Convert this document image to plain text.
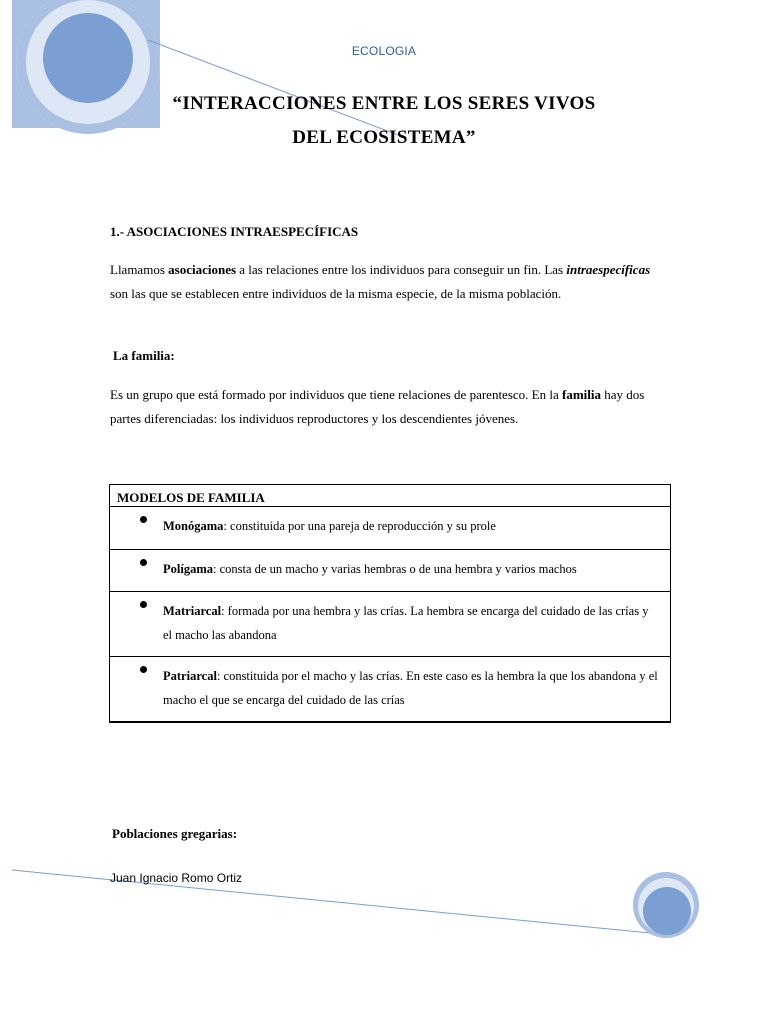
ECOLOGIA
“INTERACCIONES ENTRE LOS SERES VIVOS
DEL ECOSISTEMA”
1.- ASOCIACIONES INTRAESPECÍFICAS
Llamamos asociaciones a las relaciones entre los individuos para conseguir un fin. Las intraespecíficas son las que se establecen entre individuos de la misma especie, de la misma población.
La familia:
Es un grupo que está formado por individuos que tiene relaciones de parentesco. En la familia hay dos partes diferenciadas: los individuos reproductores y los descendientes jóvenes.
MODELOS DE FAMILIA
Monógama: constituida por una pareja de reproducción y su prole
Polígama: consta de un macho y varias hembras o de una hembra y varios machos
Matriarcal: formada por una hembra y las crías. La hembra se encarga del cuidado de las crías y el macho las abandona
Patriarcal: constituida por el macho y las crías. En este caso es la hembra la que los abandona y el macho el que se encarga del cuidado de las crías
Poblaciones gregarias:
Juan Ignacio Romo Ortiz
